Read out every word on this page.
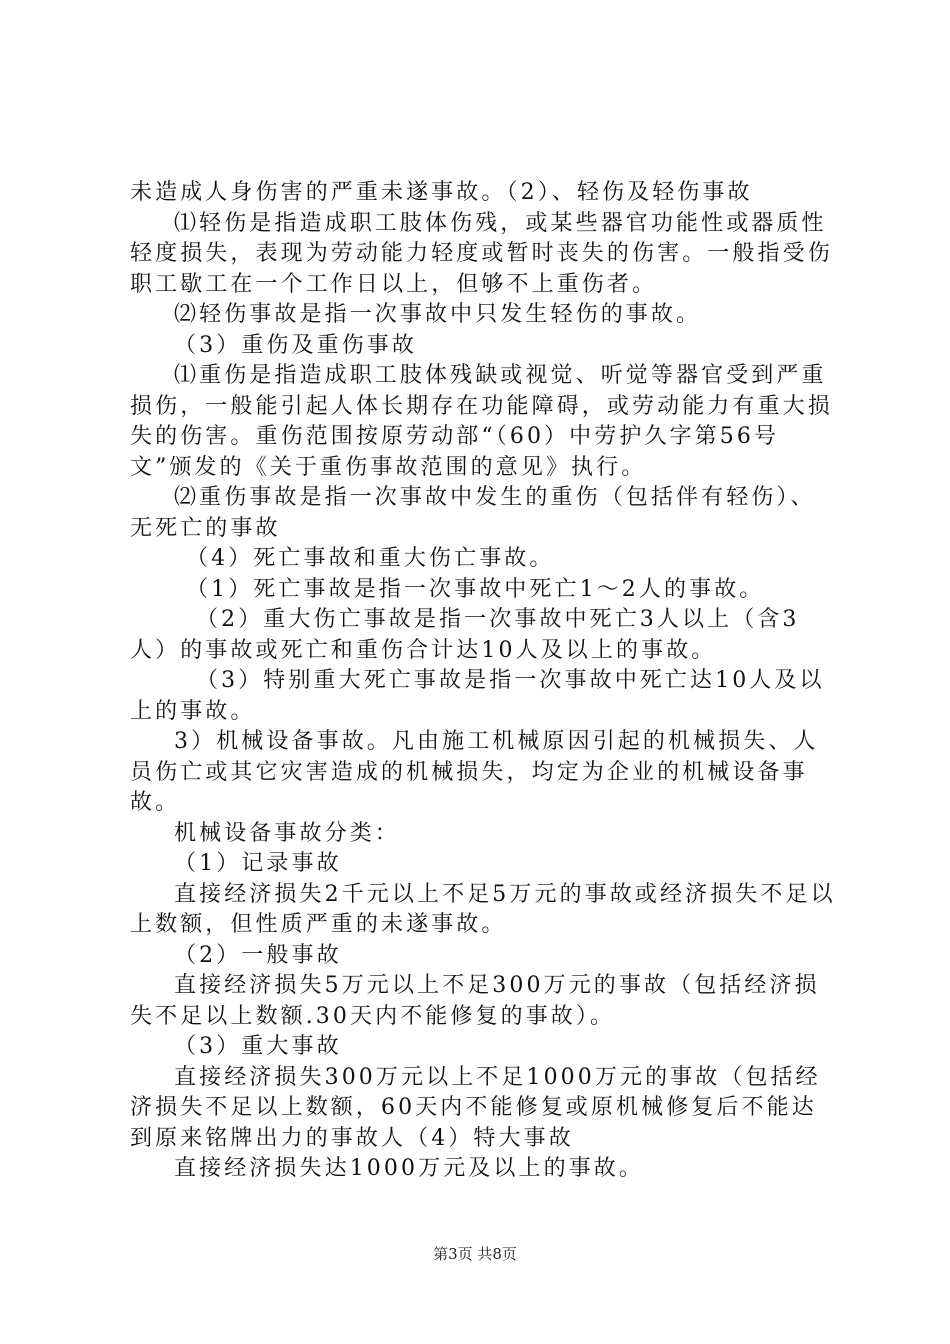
未造成人身伤害的严重未遂事故。（2）、轻伤及轻伤事故

⑴轻伤是指造成职工肢体伤残，或某些器官功能性或器质性轻度损失，表现为劳动能力轻度或暂时丧失的伤害。一般指受伤职工歇工在一个工作日以上，但够不上重伤者。

⑵轻伤事故是指一次事故中只发生轻伤的事故。

（3）重伤及重伤事故

⑴重伤是指造成职工肢体残缺或视觉、听觉等器官受到严重损伤，一般能引起人体长期存在功能障碍，或劳动能力有重大损失的伤害。重伤范围按原劳动部“（60）中劳护久字第56号文”颁发的《关于重伤事故范围的意见》执行。

⑵重伤事故是指一次事故中发生的重伤（包括伴有轻伤）、无死亡的事故

（4）死亡事故和重大伤亡事故。

（1）死亡事故是指一次事故中死亡1～2人的事故。

（2）重大伤亡事故是指一次事故中死亡3人以上（含3人）的事故或死亡和重伤合计达10人及以上的事故。

（3）特别重大死亡事故是指一次事故中死亡达10人及以上的事故。

3）机械设备事故。凡由施工机械原因引起的机械损失、人员伤亡或其它灾害造成的机械损失，均定为企业的机械设备事故。

机械设备事故分类：

（1）记录事故

直接经济损失2千元以上不足5万元的事故或经济损失不足以上数额，但性质严重的未遂事故。

（2）一般事故

直接经济损失5万元以上不足300万元的事故（包括经济损失不足以上数额.30天内不能修复的事故）。

（3）重大事故

直接经济损失300万元以上不足1000万元的事故（包括经济损失不足以上数额，60天内不能修复或原机械修复后不能达到原来铭牌出力的事故人（4）特大事故

直接经济损失达1000万元及以上的事故。

第3页 共8页
